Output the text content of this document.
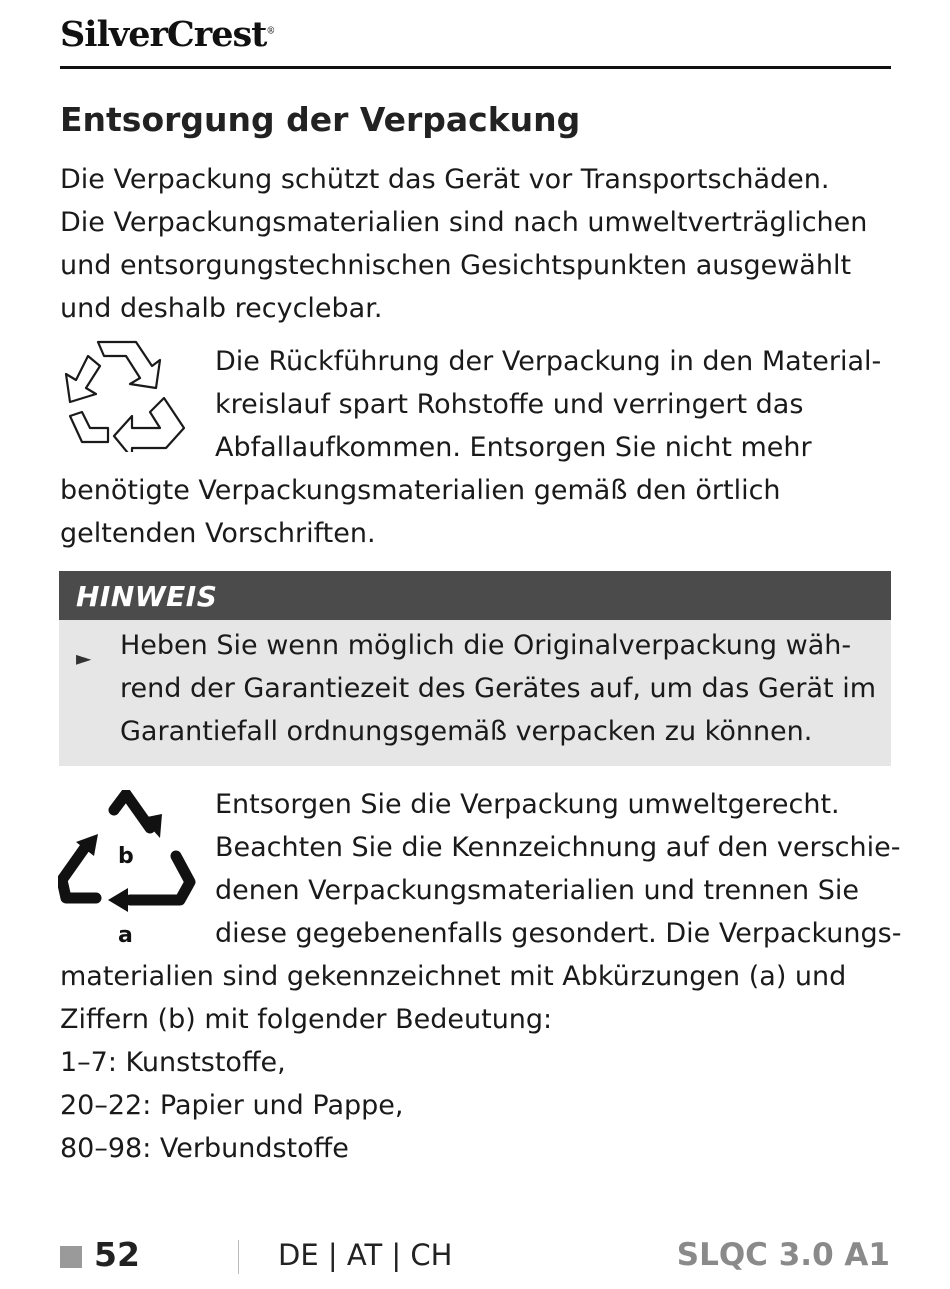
SilverCrest®
Entsorgung der Verpackung
Die Verpackung schützt das Gerät vor Transportschäden.
Die Verpackungsmaterialien sind nach umweltverträglichen
und entsorgungstechnischen Gesichtspunkten ausgewählt
und deshalb recyclebar.
Die Rückführung der Verpackung in den Material-
kreislauf spart Rohstoffe und verringert das
Abfallaufkommen. Entsorgen Sie nicht mehr
benötigte Verpackungsmaterialien gemäß den örtlich
geltenden Vorschriften.
HINWEIS
► Heben Sie wenn möglich die Originalverpackung wäh-
rend der Garantiezeit des Gerätes auf, um das Gerät im
Garantiefall ordnungsgemäß verpacken zu können.
b
a
Entsorgen Sie die Verpackung umweltgerecht.
Beachten Sie die Kennzeichnung auf den verschie-
denen Verpackungsmaterialien und trennen Sie
diese gegebenenfalls gesondert. Die Verpackungs-
materialien sind gekennzeichnet mit Abkürzungen (a) und
Ziffern (b) mit folgender Bedeutung:
1–7: Kunststoffe,
20–22: Papier und Pappe,
80–98: Verbundstoffe
52	DE | AT | CH	SLQC 3.0 A1
